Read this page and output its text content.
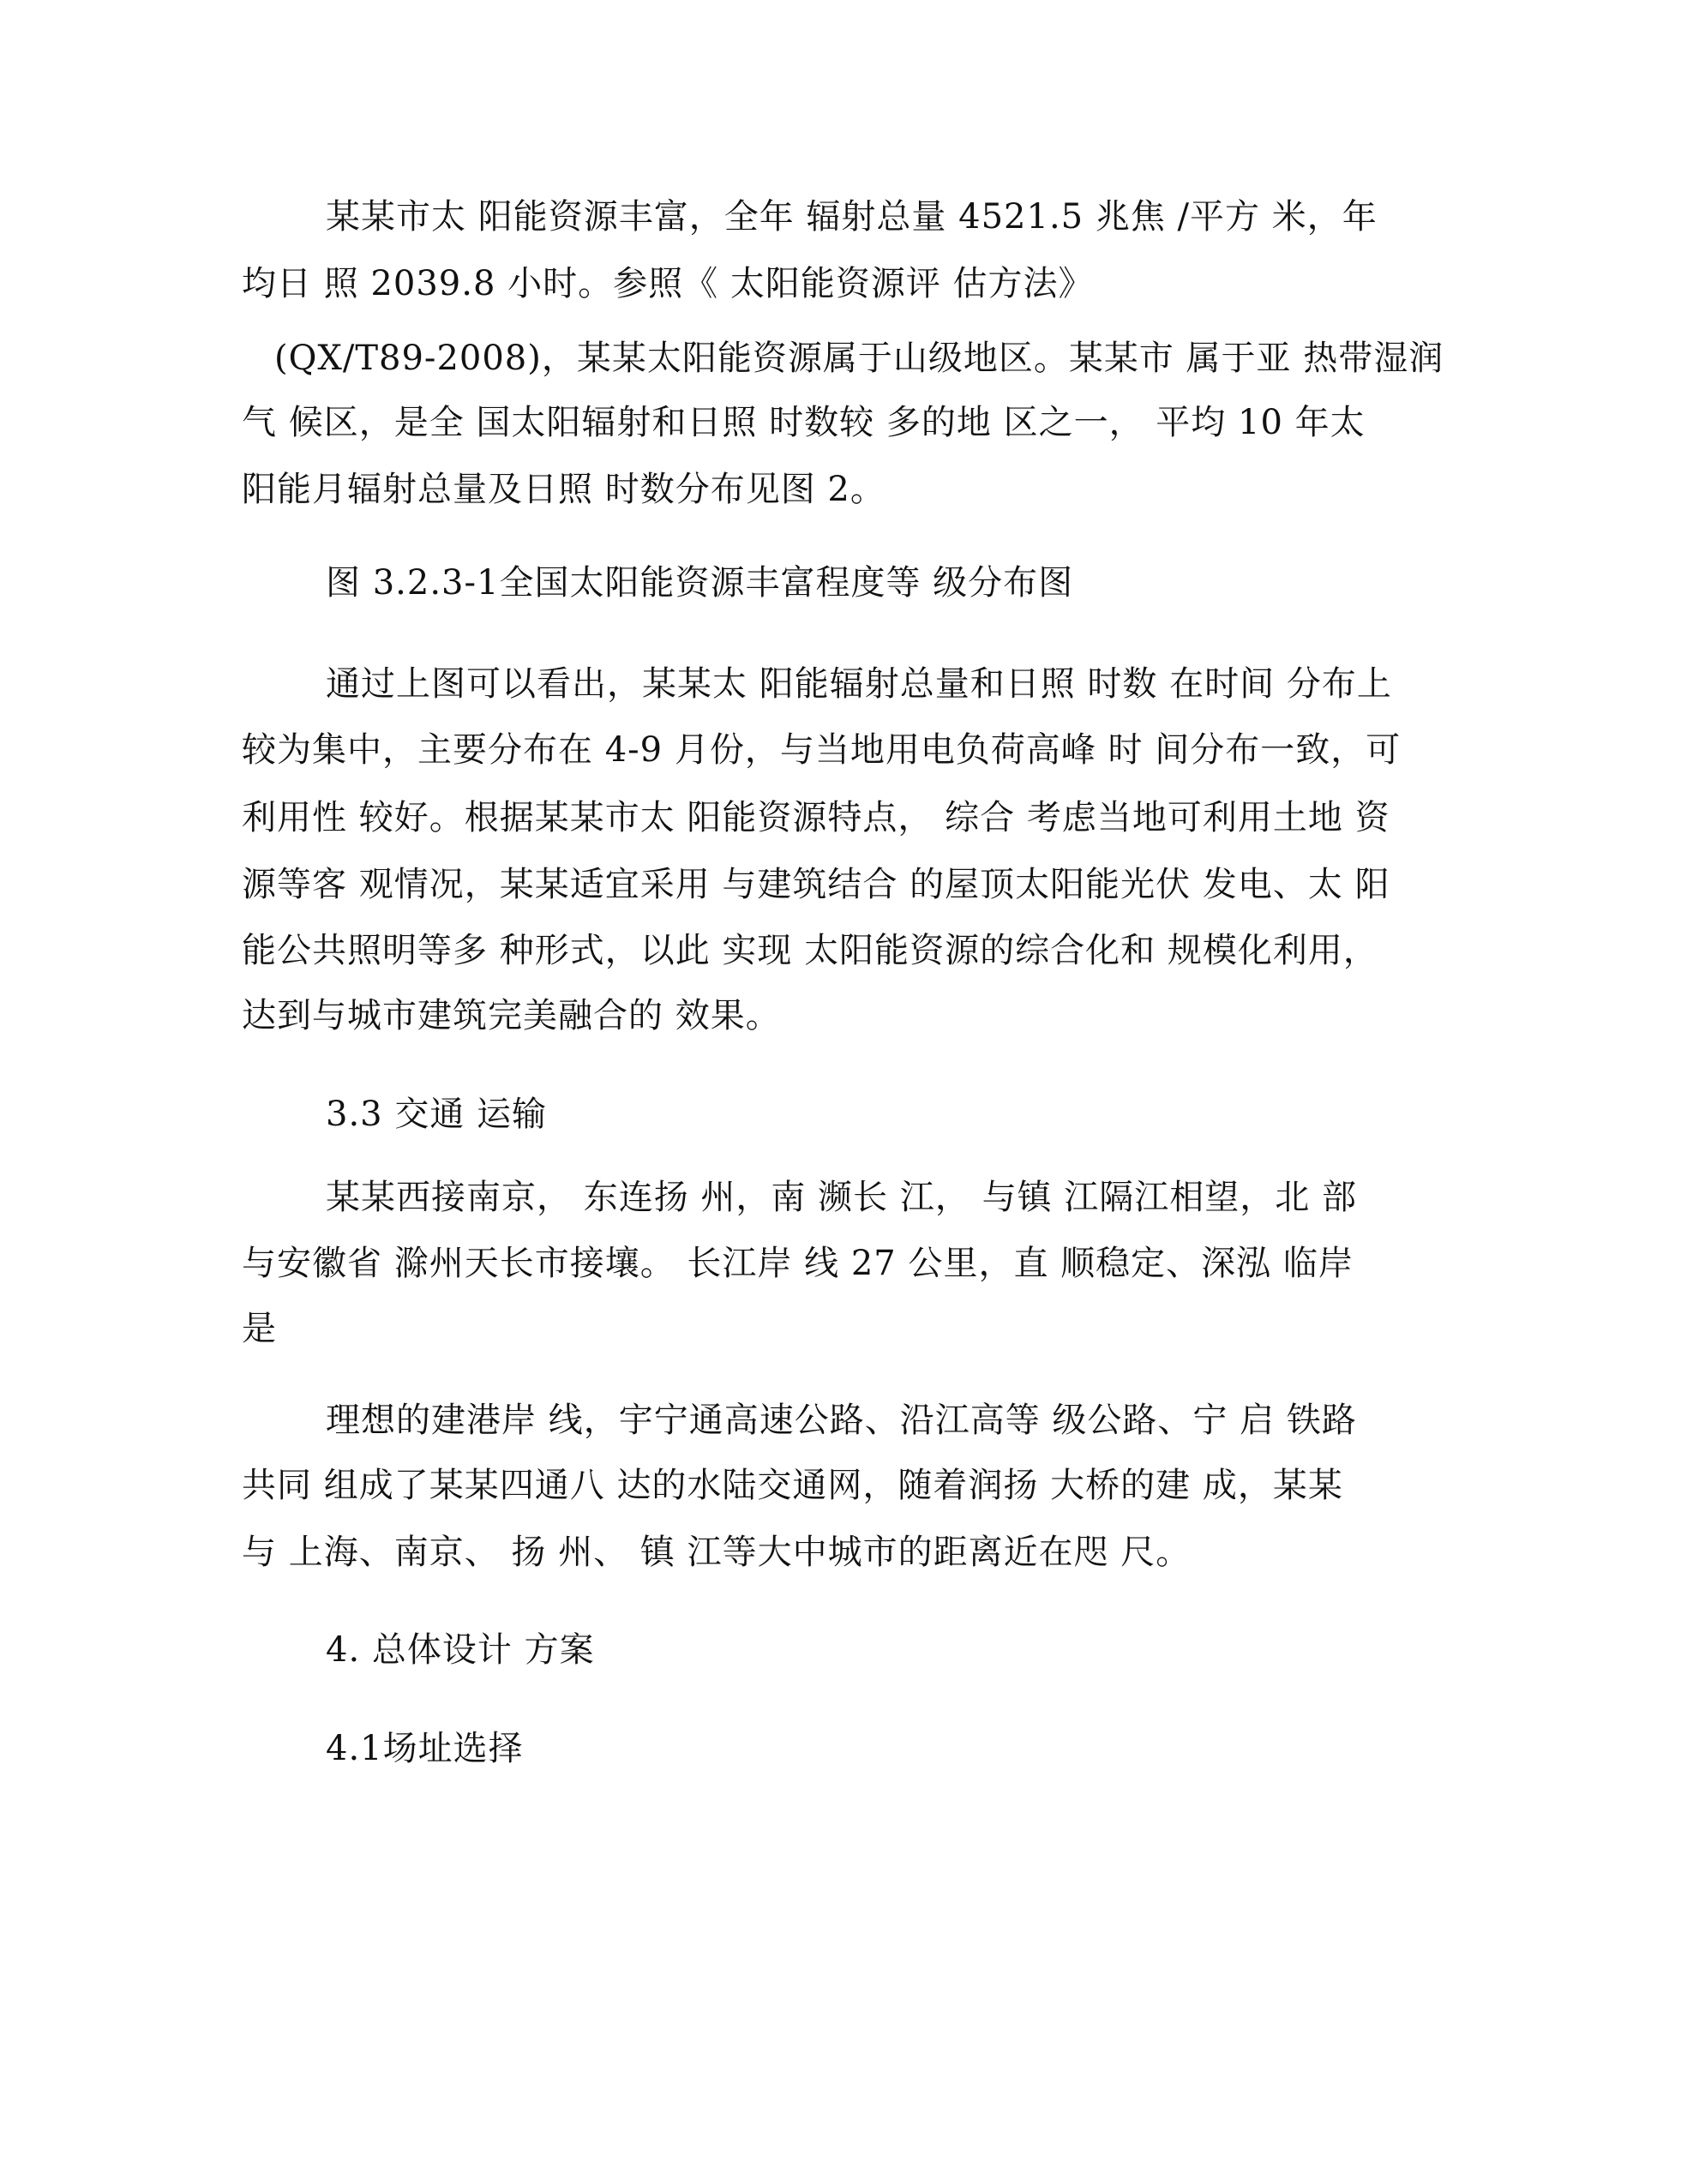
某某市太 阳能资源丰富，全年 辐射总量 4521.5 兆焦 /平方 米，年
均日 照 2039.8 小时。参照《 太阳能资源评 估方法》
(QX/T89-2008)，某某太阳能资源属于山级地区。某某市 属于亚 热带湿润
气 候区，是全 国太阳辐射和日照 时数较 多的地 区之一， 平均 10 年太
阳能月辐射总量及日照 时数分布见图 2。
图 3.2.3-1全国太阳能资源丰富程度等 级分布图
通过上图可以看出，某某太 阳能辐射总量和日照 时数 在时间 分布上
较为集中，主要分布在 4-9 月份，与当地用电负荷高峰 时 间分布一致，可
利用性 较好。根据某某市太 阳能资源特点， 综合 考虑当地可利用土地 资
源等客 观情况，某某适宜采用 与建筑结合 的屋顶太阳能光伏 发电、太 阳
能公共照明等多 种形式，以此 实现 太阳能资源的综合化和 规模化利用，
达到与城市建筑完美融合的 效果。
3.3 交通 运输
某某西接南京， 东连扬 州，南 濒长 江， 与镇 江隔江相望，北 部
与安徽省 滁州天长市接壤。 长江岸 线 27 公里，直 顺稳定、深泓 临岸
是
理想的建港岸 线，宇宁通高速公路、沿江高等 级公路、宁 启 铁路
共同 组成了某某四通八 达的水陆交通网，随着润扬 大桥的建 成，某某
与 上海、南京、 扬 州、 镇 江等大中城市的距离近在咫 尺。
4. 总体设计 方案
4.1场址选择
